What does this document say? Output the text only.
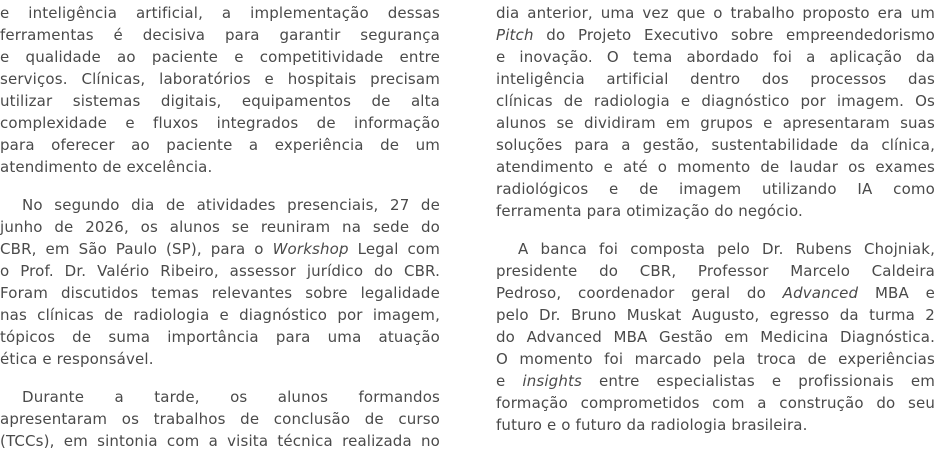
e inteligência artificial, a implementação dessas
ferramentas é decisiva para garantir segurança
e qualidade ao paciente e competitividade entre
serviços. Clínicas, laboratórios e hospitais precisam
utilizar sistemas digitais, equipamentos de alta
complexidade e fluxos integrados de informação
para oferecer ao paciente a experiência de um
atendimento de excelência.
No segundo dia de atividades presenciais, 27 de
junho de 2026, os alunos se reuniram na sede do
CBR, em São Paulo (SP), para o Workshop Legal com
o Prof. Dr. Valério Ribeiro, assessor jurídico do CBR.
Foram discutidos temas relevantes sobre legalidade
nas clínicas de radiologia e diagnóstico por imagem,
tópicos de suma importância para uma atuação
ética e responsável.
Durante a tarde, os alunos formandos
apresentaram os trabalhos de conclusão de curso
(TCCs), em sintonia com a visita técnica realizada no
dia anterior, uma vez que o trabalho proposto era um
Pitch do Projeto Executivo sobre empreendedorismo
e inovação. O tema abordado foi a aplicação da
inteligência artificial dentro dos processos das
clínicas de radiologia e diagnóstico por imagem. Os
alunos se dividiram em grupos e apresentaram suas
soluções para a gestão, sustentabilidade da clínica,
atendimento e até o momento de laudar os exames
radiológicos e de imagem utilizando IA como
ferramenta para otimização do negócio.
A banca foi composta pelo Dr. Rubens Chojniak,
presidente do CBR, Professor Marcelo Caldeira
Pedroso, coordenador geral do Advanced MBA e
pelo Dr. Bruno Muskat Augusto, egresso da turma 2
do Advanced MBA Gestão em Medicina Diagnóstica.
O momento foi marcado pela troca de experiências
e insights entre especialistas e profissionais em
formação comprometidos com a construção do seu
futuro e o futuro da radiologia brasileira.
